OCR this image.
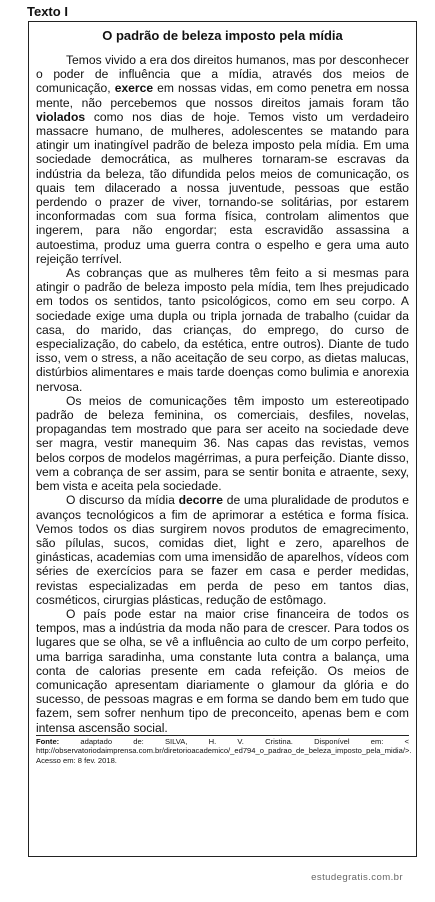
Texto I
O padrão de beleza imposto pela mídia

Temos vivido a era dos direitos humanos, mas por desconhecer o poder de influência que a mídia, através dos meios de comunicação, exerce em nossas vidas, em como penetra em nossa mente, não percebemos que nossos direitos jamais foram tão violados como nos dias de hoje. Temos visto um verdadeiro massacre humano, de mulheres, adolescentes se matando para atingir um inatingível padrão de beleza imposto pela mídia. Em uma sociedade democrática, as mulheres tornaram-se escravas da indústria da beleza, tão difundida pelos meios de comunicação, os quais tem dilacerado a nossa juventude, pessoas que estão perdendo o prazer de viver, tornando-se solitárias, por estarem inconformadas com sua forma física, controlam alimentos que ingerem, para não engordar; esta escravidão assassina a autoestima, produz uma guerra contra o espelho e gera uma auto rejeição terrível.

As cobranças que as mulheres têm feito a si mesmas para atingir o padrão de beleza imposto pela mídia, tem lhes prejudicado em todos os sentidos, tanto psicológicos, como em seu corpo. A sociedade exige uma dupla ou tripla jornada de trabalho (cuidar da casa, do marido, das crianças, do emprego, do curso de especialização, do cabelo, da estética, entre outros). Diante de tudo isso, vem o stress, a não aceitação de seu corpo, as dietas malucas, distúrbios alimentares e mais tarde doenças como bulimia e anorexia nervosa.

Os meios de comunicações têm imposto um estereotipado padrão de beleza feminina, os comerciais, desfiles, novelas, propagandas tem mostrado que para ser aceito na sociedade deve ser magra, vestir manequim 36. Nas capas das revistas, vemos belos corpos de modelos magérrimas, a pura perfeição. Diante disso, vem a cobrança de ser assim, para se sentir bonita e atraente, sexy, bem vista e aceita pela sociedade.

O discurso da mídia decorre de uma pluralidade de produtos e avanços tecnológicos a fim de aprimorar a estética e forma física. Vemos todos os dias surgirem novos produtos de emagrecimento, são pílulas, sucos, comidas diet, light e zero, aparelhos de ginásticas, academias com uma imensidão de aparelhos, vídeos com séries de exercícios para se fazer em casa e perder medidas, revistas especializadas em perda de peso em tantos dias, cosméticos, cirurgias plásticas, redução de estômago.

O país pode estar na maior crise financeira de todos os tempos, mas a indústria da moda não para de crescer. Para todos os lugares que se olha, se vê a influência ao culto de um corpo perfeito, uma barriga saradinha, uma constante luta contra a balança, uma conta de calorias presente em cada refeição. Os meios de comunicação apresentam diariamente o glamour da glória e do sucesso, de pessoas magras e em forma se dando bem em tudo que fazem, sem sofrer nenhum tipo de preconceito, apenas bem e com intensa ascensão social.

Fonte: adaptado de: SILVA, H. V. Cristina. Disponível em: < http://observatoriodaimprensa.com.br/diretorioacademico/_ed794_o_padrao_de_beleza_imposto_pela_midia/>. Acesso em: 8 fev. 2018.

estudegratis.com.br
